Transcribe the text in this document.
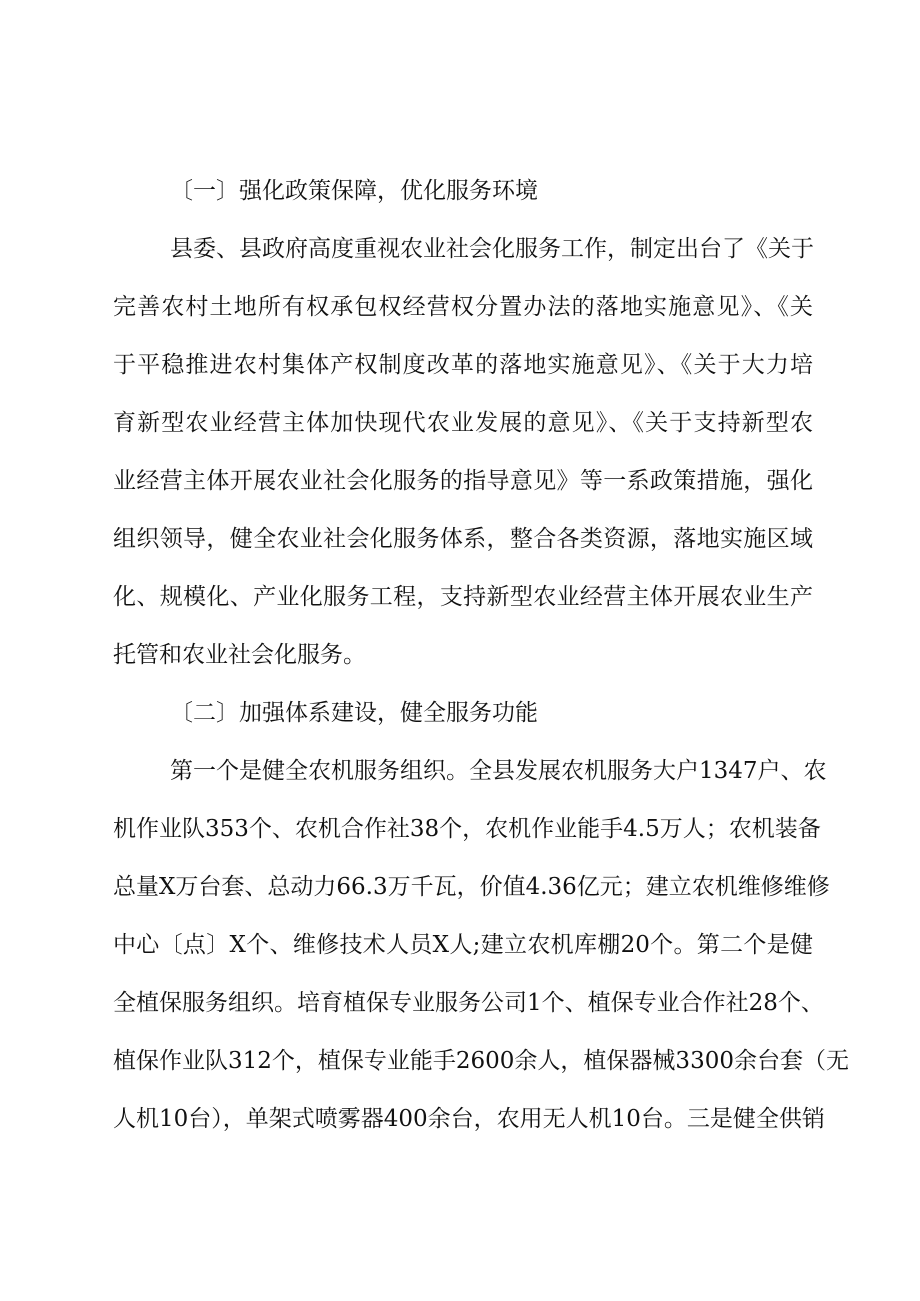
〔一〕强化政策保障，优化服务环境
县委、县政府高度重视农业社会化服务工作，制定出台了《关于
完善农村土地所有权承包权经营权分置办法的落地实施意见》、《关
于平稳推进农村集体产权制度改革的落地实施意见》、《关于大力培
育新型农业经营主体加快现代农业发展的意见》、《关于支持新型农
业经营主体开展农业社会化服务的指导意见》等一系政策措施，强化
组织领导，健全农业社会化服务体系，整合各类资源，落地实施区域
化、规模化、产业化服务工程，支持新型农业经营主体开展农业生产
托管和农业社会化服务。
〔二〕加强体系建设，健全服务功能
第一个是健全农机服务组织。全县发展农机服务大户1347户、农
机作业队353个、农机合作社38个，农机作业能手4.5万人；农机装备
总量X万台套、总动力66.3万千瓦，价值4.36亿元；建立农机维修维修
中心〔点〕X个、维修技术人员X人;建立农机库棚20个。第二个是健
全植保服务组织。培育植保专业服务公司1个、植保专业合作社28个、
植保作业队312个，植保专业能手2600余人，植保器械3300余台套（无
人机10台），单架式喷雾器400余台，农用无人机10台。三是健全供销
